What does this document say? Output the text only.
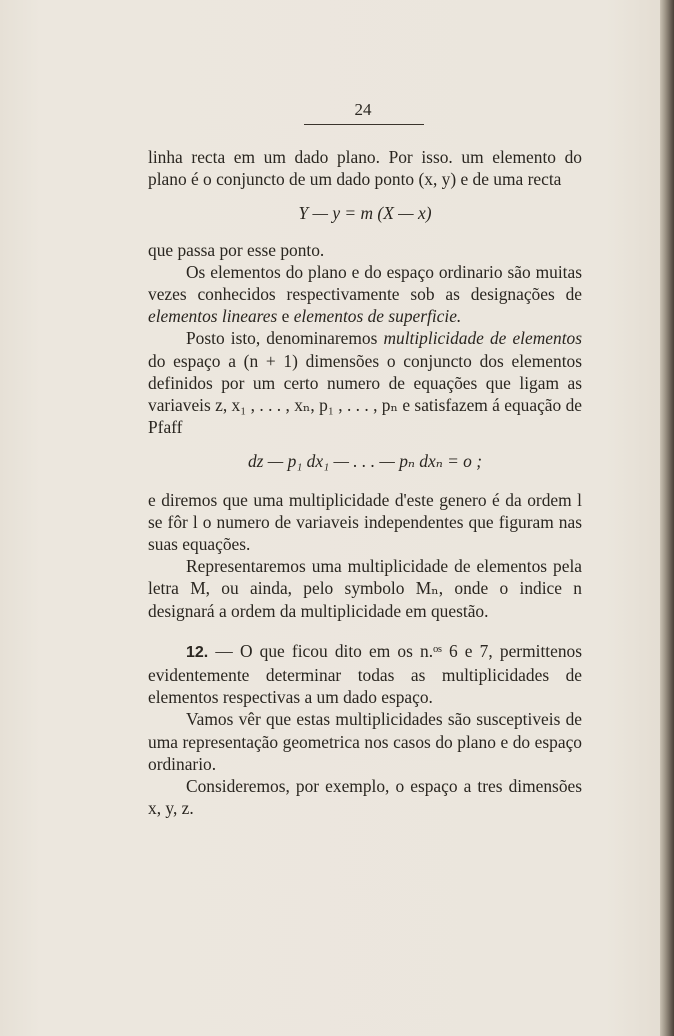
24

linha recta em um dado plano. Por isso. um elemento do plano é o conjuncto de um dado ponto (x, y) e de uma recta

Y — y = m (X — x)

que passa por esse ponto.

Os elementos do plano e do espaço ordinario são muitas vezes conhecidos respectivamente sob as designações de elementos lineares e elementos de superficie.

Posto isto, denominaremos multiplicidade de elementos do espaço a (n + 1) dimensões o conjuncto dos elementos definidos por um certo numero de equações que ligam as variaveis z, x₁ , . . . , xₙ, p₁ , . . . , pₙ e satisfazem á equação de Pfaff

dz — p₁ dx₁ — . . . — pₙ dxₙ = o ;

e diremos que uma multiplicidade d'este genero é da ordem l se fôr l o numero de variaveis independentes que figuram nas suas equações.

Representaremos uma multiplicidade de elementos pela letra M, ou ainda, pelo symbolo Mₙ, onde o indice n designará a ordem da multiplicidade em questão.

12. — O que ficou dito em os n.ᵒˢ 6 e 7, permittenos evidentemente determinar todas as multiplicidades de elementos respectivas a um dado espaço.

Vamos vêr que estas multiplicidades são susceptiveis de uma representação geometrica nos casos do plano e do espaço ordinario.

Consideremos, por exemplo, o espaço a tres dimensões x, y, z.
